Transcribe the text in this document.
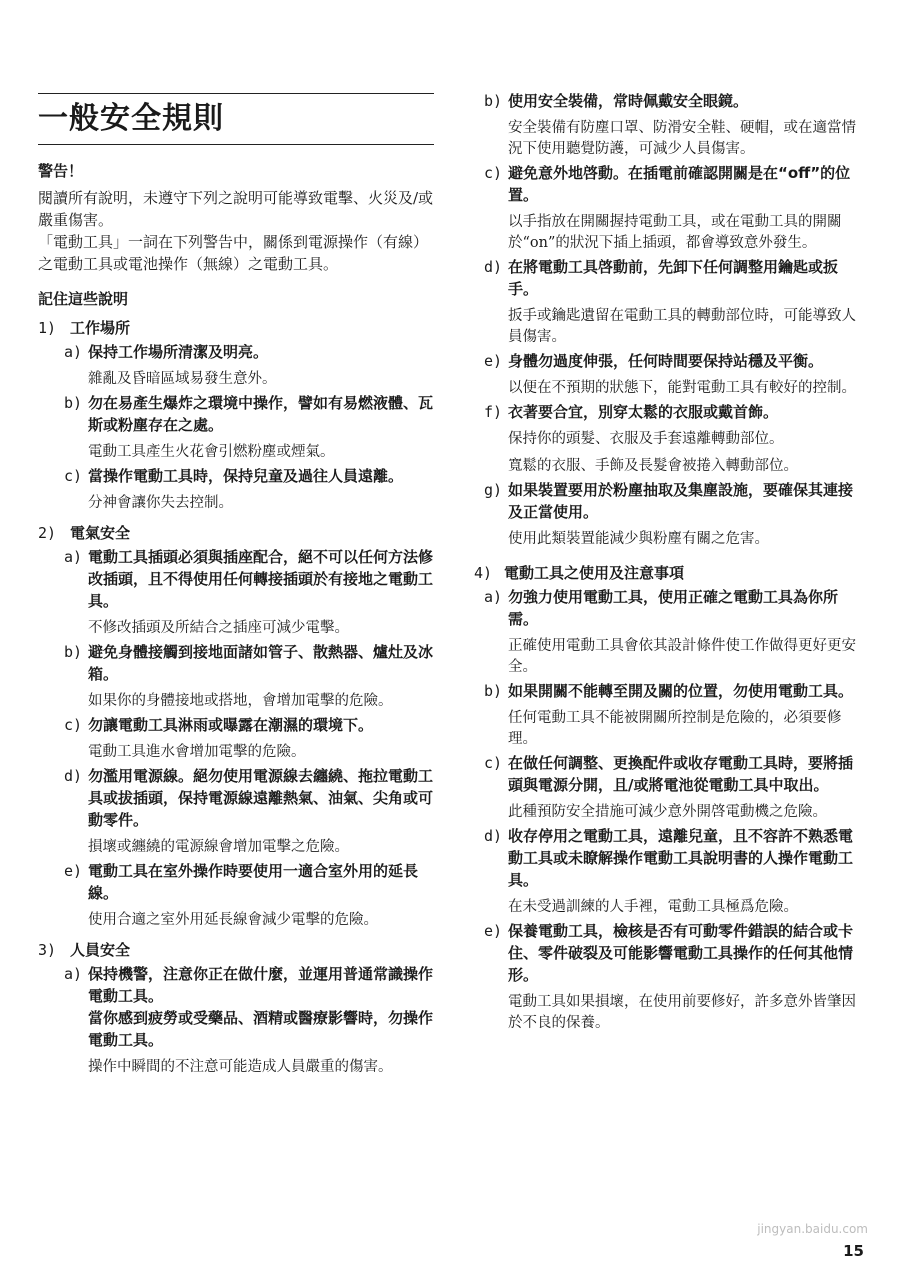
一般安全規則
警告！
閱讀所有說明，未遵守下列之說明可能導致電擊、火災及/或嚴重傷害。
「電動工具」一詞在下列警告中，關係到電源操作（有線）之電動工具或電池操作（無線）之電動工具。
記住這些說明
1) 工作場所
a) 保持工作場所清潔及明亮。
雜亂及昏暗區域易發生意外。
b) 勿在易產生爆炸之環境中操作，譬如有易燃液體、瓦斯或粉塵存在之處。
電動工具產生火花會引燃粉塵或煙氣。
c) 當操作電動工具時，保持兒童及過往人員遠離。
分神會讓你失去控制。
2) 電氣安全
a) 電動工具插頭必須與插座配合，絕不可以任何方法修改插頭，且不得使用任何轉接插頭於有接地之電動工具。
不修改插頭及所結合之插座可減少電擊。
b) 避免身體接觸到接地面諸如管子、散熱器、爐灶及冰箱。
如果你的身體接地或搭地，會增加電擊的危險。
c) 勿讓電動工具淋雨或曝露在潮濕的環境下。
電動工具進水會增加電擊的危險。
d) 勿濫用電源線。絕勿使用電源線去纏繞、拖拉電動工具或拔插頭，保持電源線遠離熱氣、油氣、尖角或可動零件。
損壞或纏繞的電源線會增加電擊之危險。
e) 電動工具在室外操作時要使用一適合室外用的延長線。
使用合適之室外用延長線會減少電擊的危險。
3) 人員安全
a) 保持機警，注意你正在做什麼，並運用普通常識操作電動工具。
當你感到疲勞或受藥品、酒精或醫療影響時，勿操作電動工具。
操作中瞬間的不注意可能造成人員嚴重的傷害。
b) 使用安全裝備，常時佩戴安全眼鏡。
安全裝備有防塵口罩、防滑安全鞋、硬帽，或在適當情況下使用聽覺防護，可減少人員傷害。
c) 避免意外地啓動。在插電前確認開關是在“off”的位置。
以手指放在開關握持電動工具，或在電動工具的開關於“on”的狀況下插上插頭，都會導致意外發生。
d) 在將電動工具啓動前，先卸下任何調整用鑰匙或扳手。
扳手或鑰匙遺留在電動工具的轉動部位時，可能導致人員傷害。
e) 身體勿過度伸張，任何時間要保持站穩及平衡。
以便在不預期的狀態下，能對電動工具有較好的控制。
f) 衣著要合宜，別穿太鬆的衣服或戴首飾。
保持你的頭髮、衣服及手套遠離轉動部位。
寬鬆的衣服、手飾及長髮會被捲入轉動部位。
g) 如果裝置要用於粉塵抽取及集塵設施，要確保其連接及正當使用。
使用此類裝置能減少與粉塵有關之危害。
4) 電動工具之使用及注意事項
a) 勿強力使用電動工具，使用正確之電動工具為你所需。
正確使用電動工具會依其設計條件使工作做得更好更安全。
b) 如果開關不能轉至開及關的位置，勿使用電動工具。
任何電動工具不能被開關所控制是危險的，必須要修理。
c) 在做任何調整、更換配件或收存電動工具時，要將插頭與電源分開，且/或將電池從電動工具中取出。
此種預防安全措施可減少意外開啓電動機之危險。
d) 收存停用之電動工具，遠離兒童，且不容許不熟悉電動工具或未瞭解操作電動工具說明書的人操作電動工具。
在未受過訓練的人手裡，電動工具極爲危險。
e) 保養電動工具，檢核是否有可動零件錯誤的結合或卡住、零件破裂及可能影響電動工具操作的任何其他情形。
電動工具如果損壞，在使用前要修好，許多意外皆肇因於不良的保養。
jingyan.baidu.com
15
